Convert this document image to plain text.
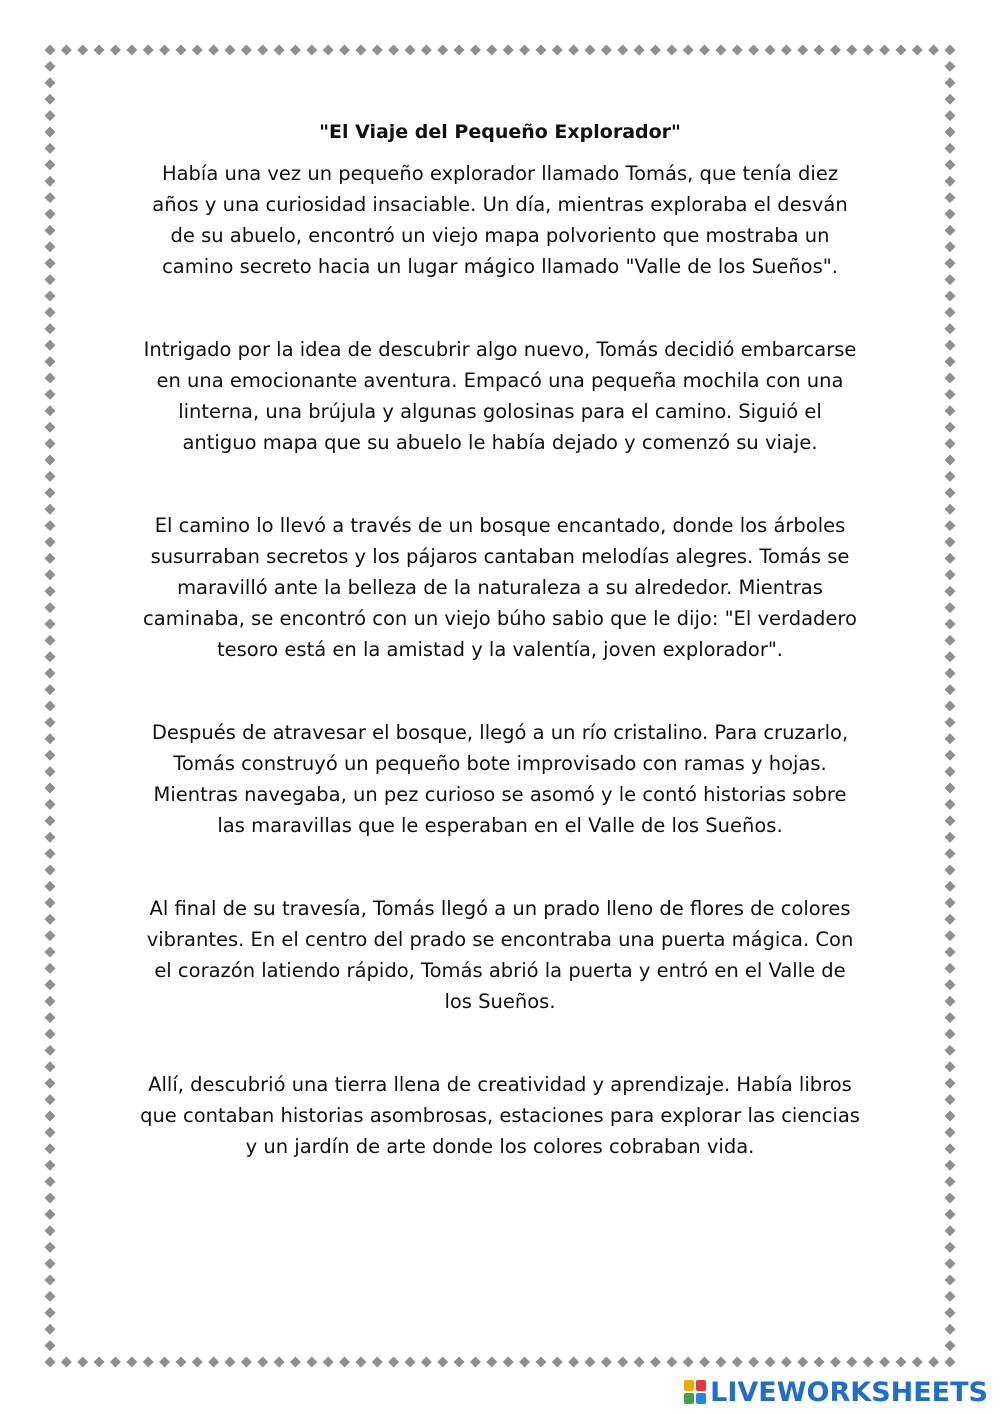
"El Viaje del Pequeño Explorador"

Había una vez un pequeño explorador llamado Tomás, que tenía diez años y una curiosidad insaciable. Un día, mientras exploraba el desván de su abuelo, encontró un viejo mapa polvoriento que mostraba un camino secreto hacia un lugar mágico llamado "Valle de los Sueños".

Intrigado por la idea de descubrir algo nuevo, Tomás decidió embarcarse en una emocionante aventura. Empacó una pequeña mochila con una linterna, una brújula y algunas golosinas para el camino. Siguió el antiguo mapa que su abuelo le había dejado y comenzó su viaje.

El camino lo llevó a través de un bosque encantado, donde los árboles susurraban secretos y los pájaros cantaban melodías alegres. Tomás se maravilló ante la belleza de la naturaleza a su alrededor. Mientras caminaba, se encontró con un viejo búho sabio que le dijo: "El verdadero tesoro está en la amistad y la valentía, joven explorador".

Después de atravesar el bosque, llegó a un río cristalino. Para cruzarlo, Tomás construyó un pequeño bote improvisado con ramas y hojas. Mientras navegaba, un pez curioso se asomó y le contó historias sobre las maravillas que le esperaban en el Valle de los Sueños.

Al final de su travesía, Tomás llegó a un prado lleno de flores de colores vibrantes. En el centro del prado se encontraba una puerta mágica. Con el corazón latiendo rápido, Tomás abrió la puerta y entró en el Valle de los Sueños.

Allí, descubrió una tierra llena de creatividad y aprendizaje. Había libros que contaban historias asombrosas, estaciones para explorar las ciencias y un jardín de arte donde los colores cobraban vida.

LIVEWORKSHEETS
